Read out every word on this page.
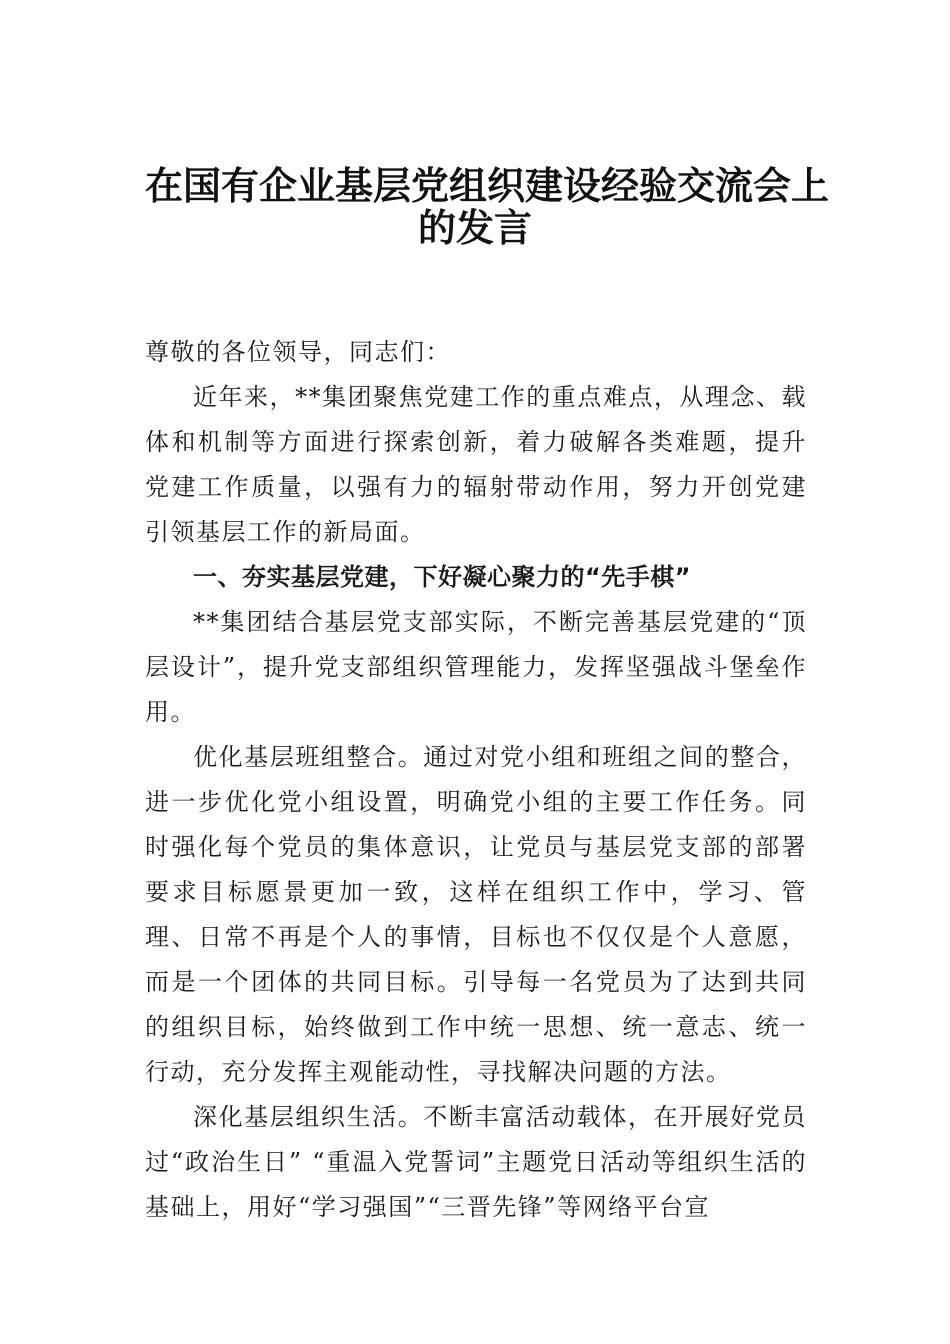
在国有企业基层党组织建设经验交流会上
的发言

尊敬的各位领导，同志们：

近年来，**集团聚焦党建工作的重点难点，从理念、载体和机制等方面进行探索创新，着力破解各类难题，提升党建工作质量，以强有力的辐射带动作用，努力开创党建引领基层工作的新局面。

一、夯实基层党建，下好凝心聚力的“先手棋”

**集团结合基层党支部实际，不断完善基层党建的“顶层设计”，提升党支部组织管理能力，发挥坚强战斗堡垒作用。

优化基层班组整合。通过对党小组和班组之间的整合，进一步优化党小组设置，明确党小组的主要工作任务。同时强化每个党员的集体意识，让党员与基层党支部的部署要求目标愿景更加一致，这样在组织工作中，学习、管理、日常不再是个人的事情，目标也不仅仅是个人意愿，而是一个团体的共同目标。引导每一名党员为了达到共同的组织目标，始终做到工作中统一思想、统一意志、统一行动，充分发挥主观能动性，寻找解决问题的方法。

深化基层组织生活。不断丰富活动载体，在开展好党员过“政治生日” “重温入党誓词”主题党日活动等组织生活的基础上，用好“学习强国”“三晋先锋”等网络平台宣
